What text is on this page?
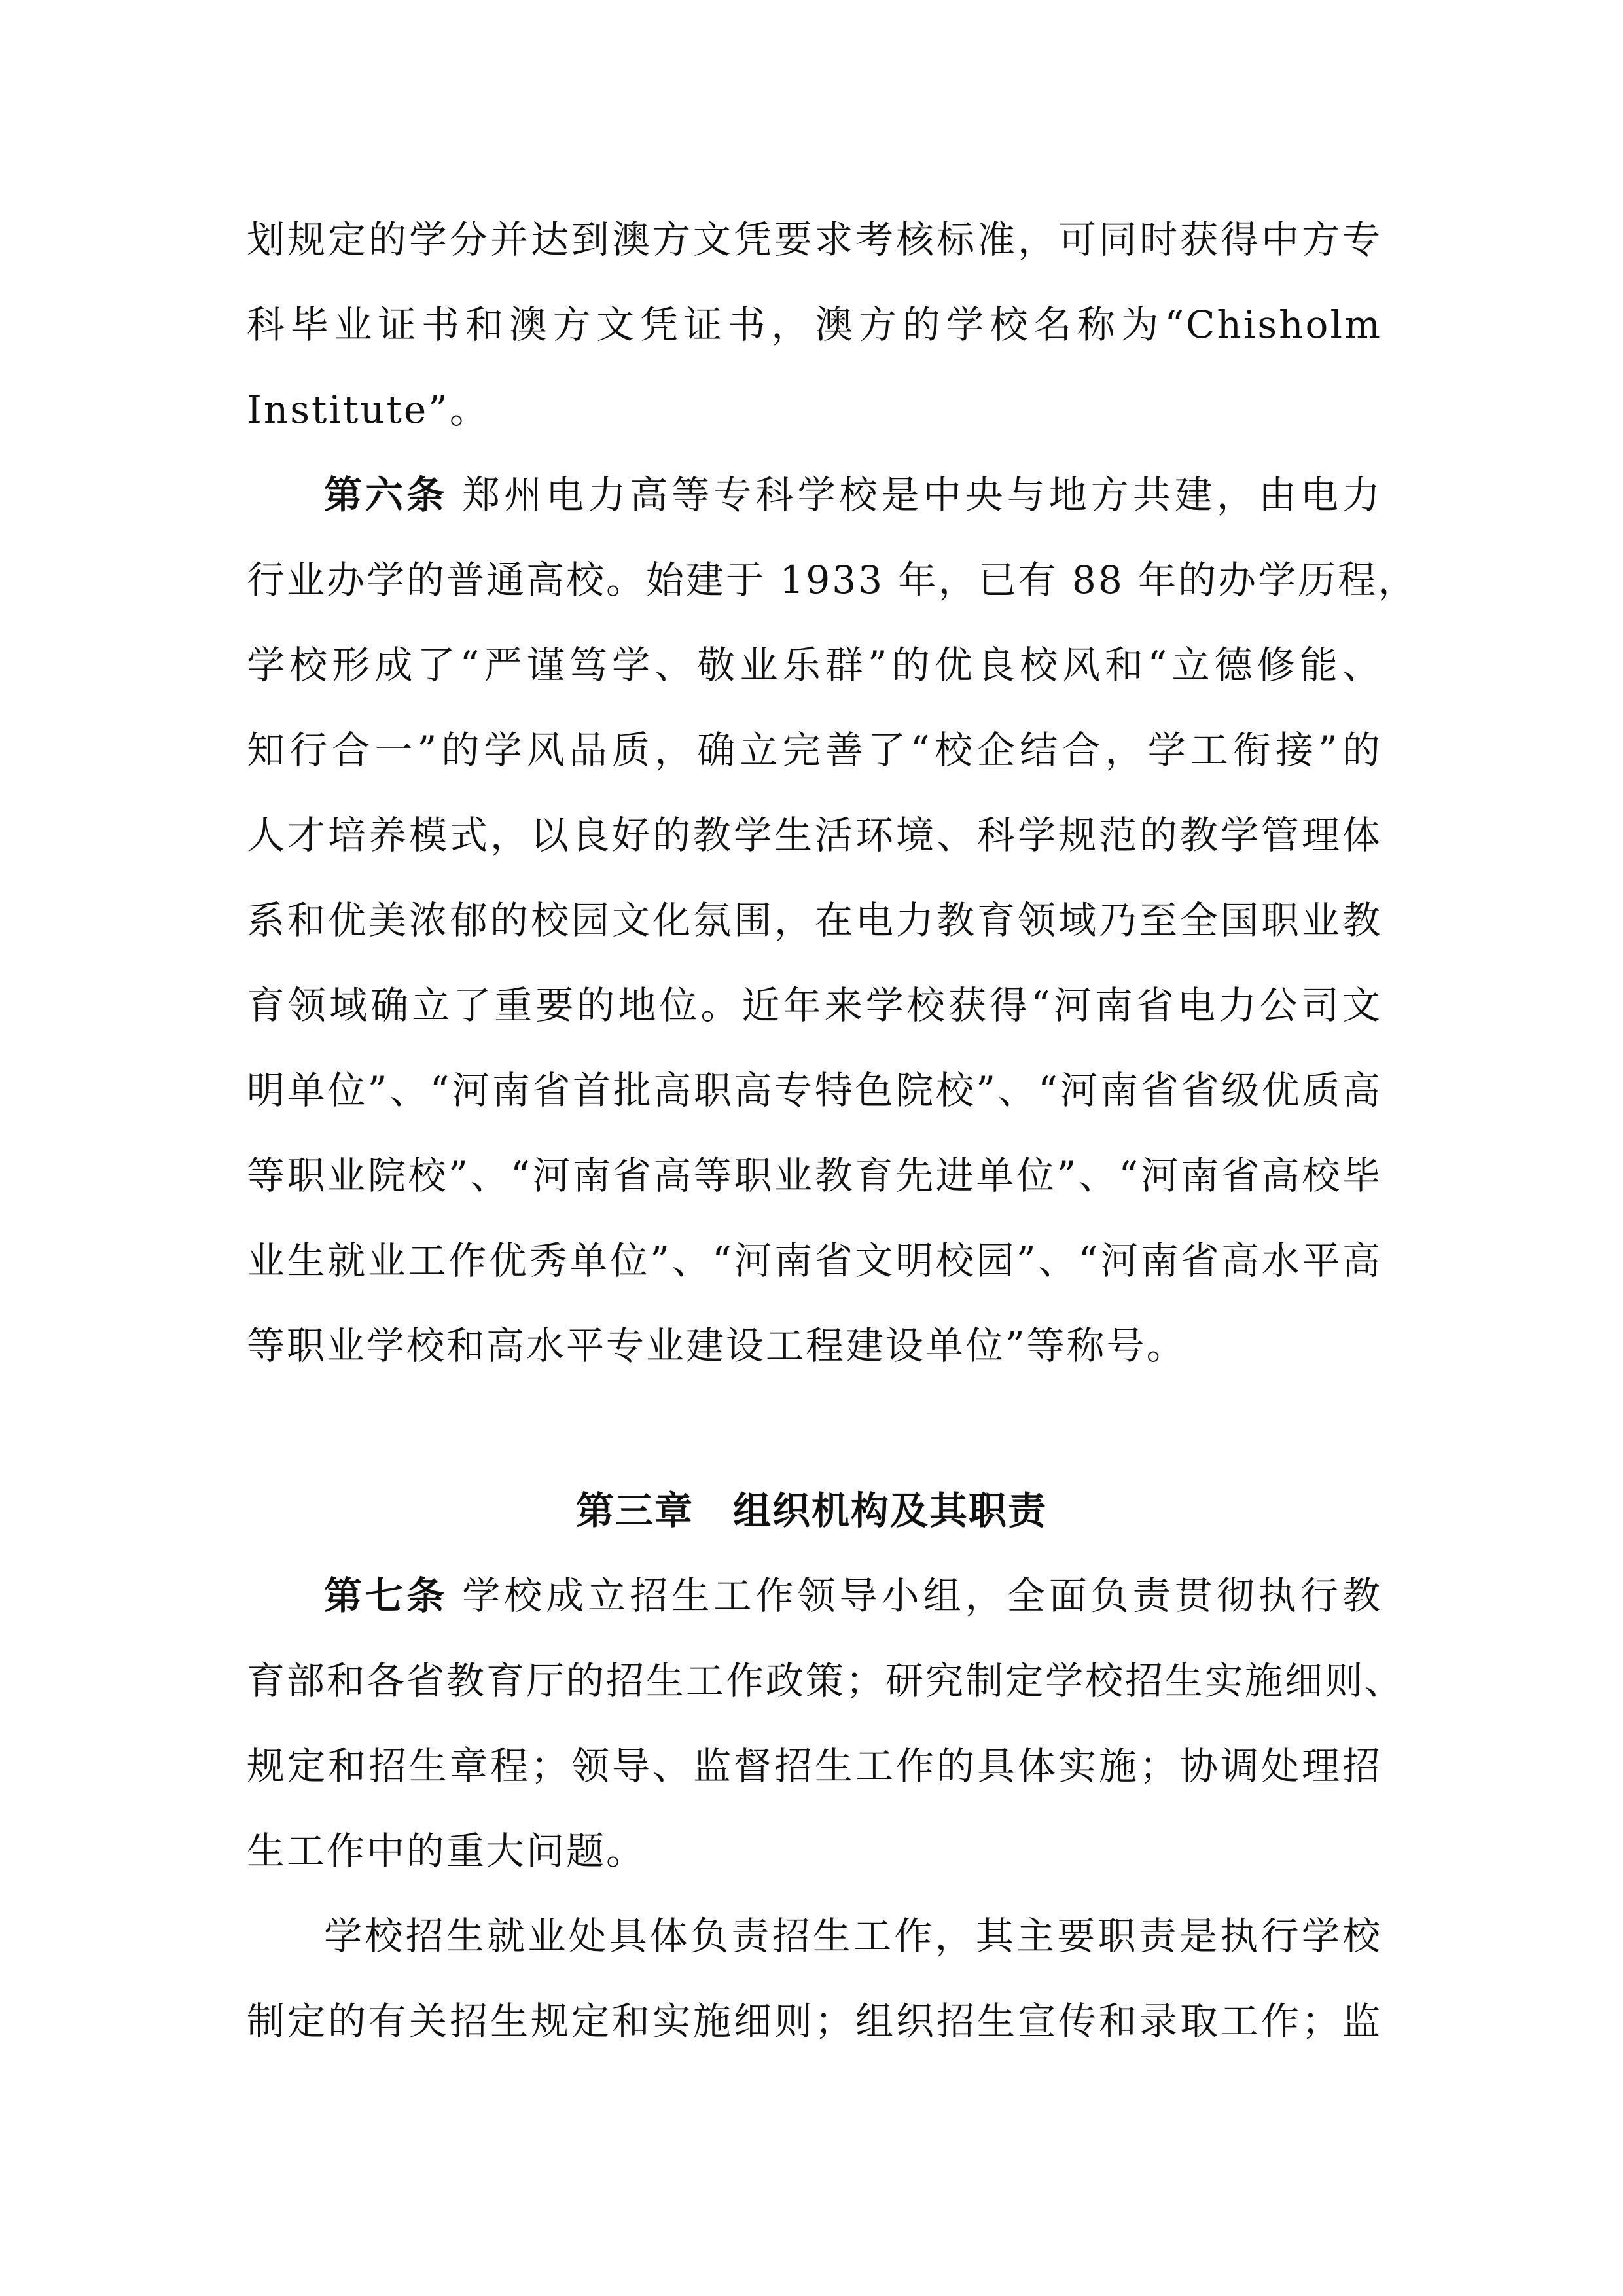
划规定的学分并达到澳方文凭要求考核标准，可同时获得中方专
科毕业证书和澳方文凭证书，澳方的学校名称为“Chisholm
Institute”。
第六条 郑州电力高等专科学校是中央与地方共建，由电力
行业办学的普通高校。始建于 1933 年，已有 88 年的办学历程，
学校形成了“严谨笃学、敬业乐群”的优良校风和“立德修能、
知行合一”的学风品质，确立完善了“校企结合，学工衔接”的
人才培养模式，以良好的教学生活环境、科学规范的教学管理体
系和优美浓郁的校园文化氛围，在电力教育领域乃至全国职业教
育领域确立了重要的地位。近年来学校获得“河南省电力公司文
明单位”、“河南省首批高职高专特色院校”、“河南省省级优质高
等职业院校”、“河南省高等职业教育先进单位”、“河南省高校毕
业生就业工作优秀单位”、“河南省文明校园”、“河南省高水平高
等职业学校和高水平专业建设工程建设单位”等称号。
第三章　组织机构及其职责
第七条 学校成立招生工作领导小组，全面负责贯彻执行教
育部和各省教育厅的招生工作政策；研究制定学校招生实施细则、
规定和招生章程；领导、监督招生工作的具体实施；协调处理招
生工作中的重大问题。
学校招生就业处具体负责招生工作，其主要职责是执行学校
制定的有关招生规定和实施细则；组织招生宣传和录取工作；监
